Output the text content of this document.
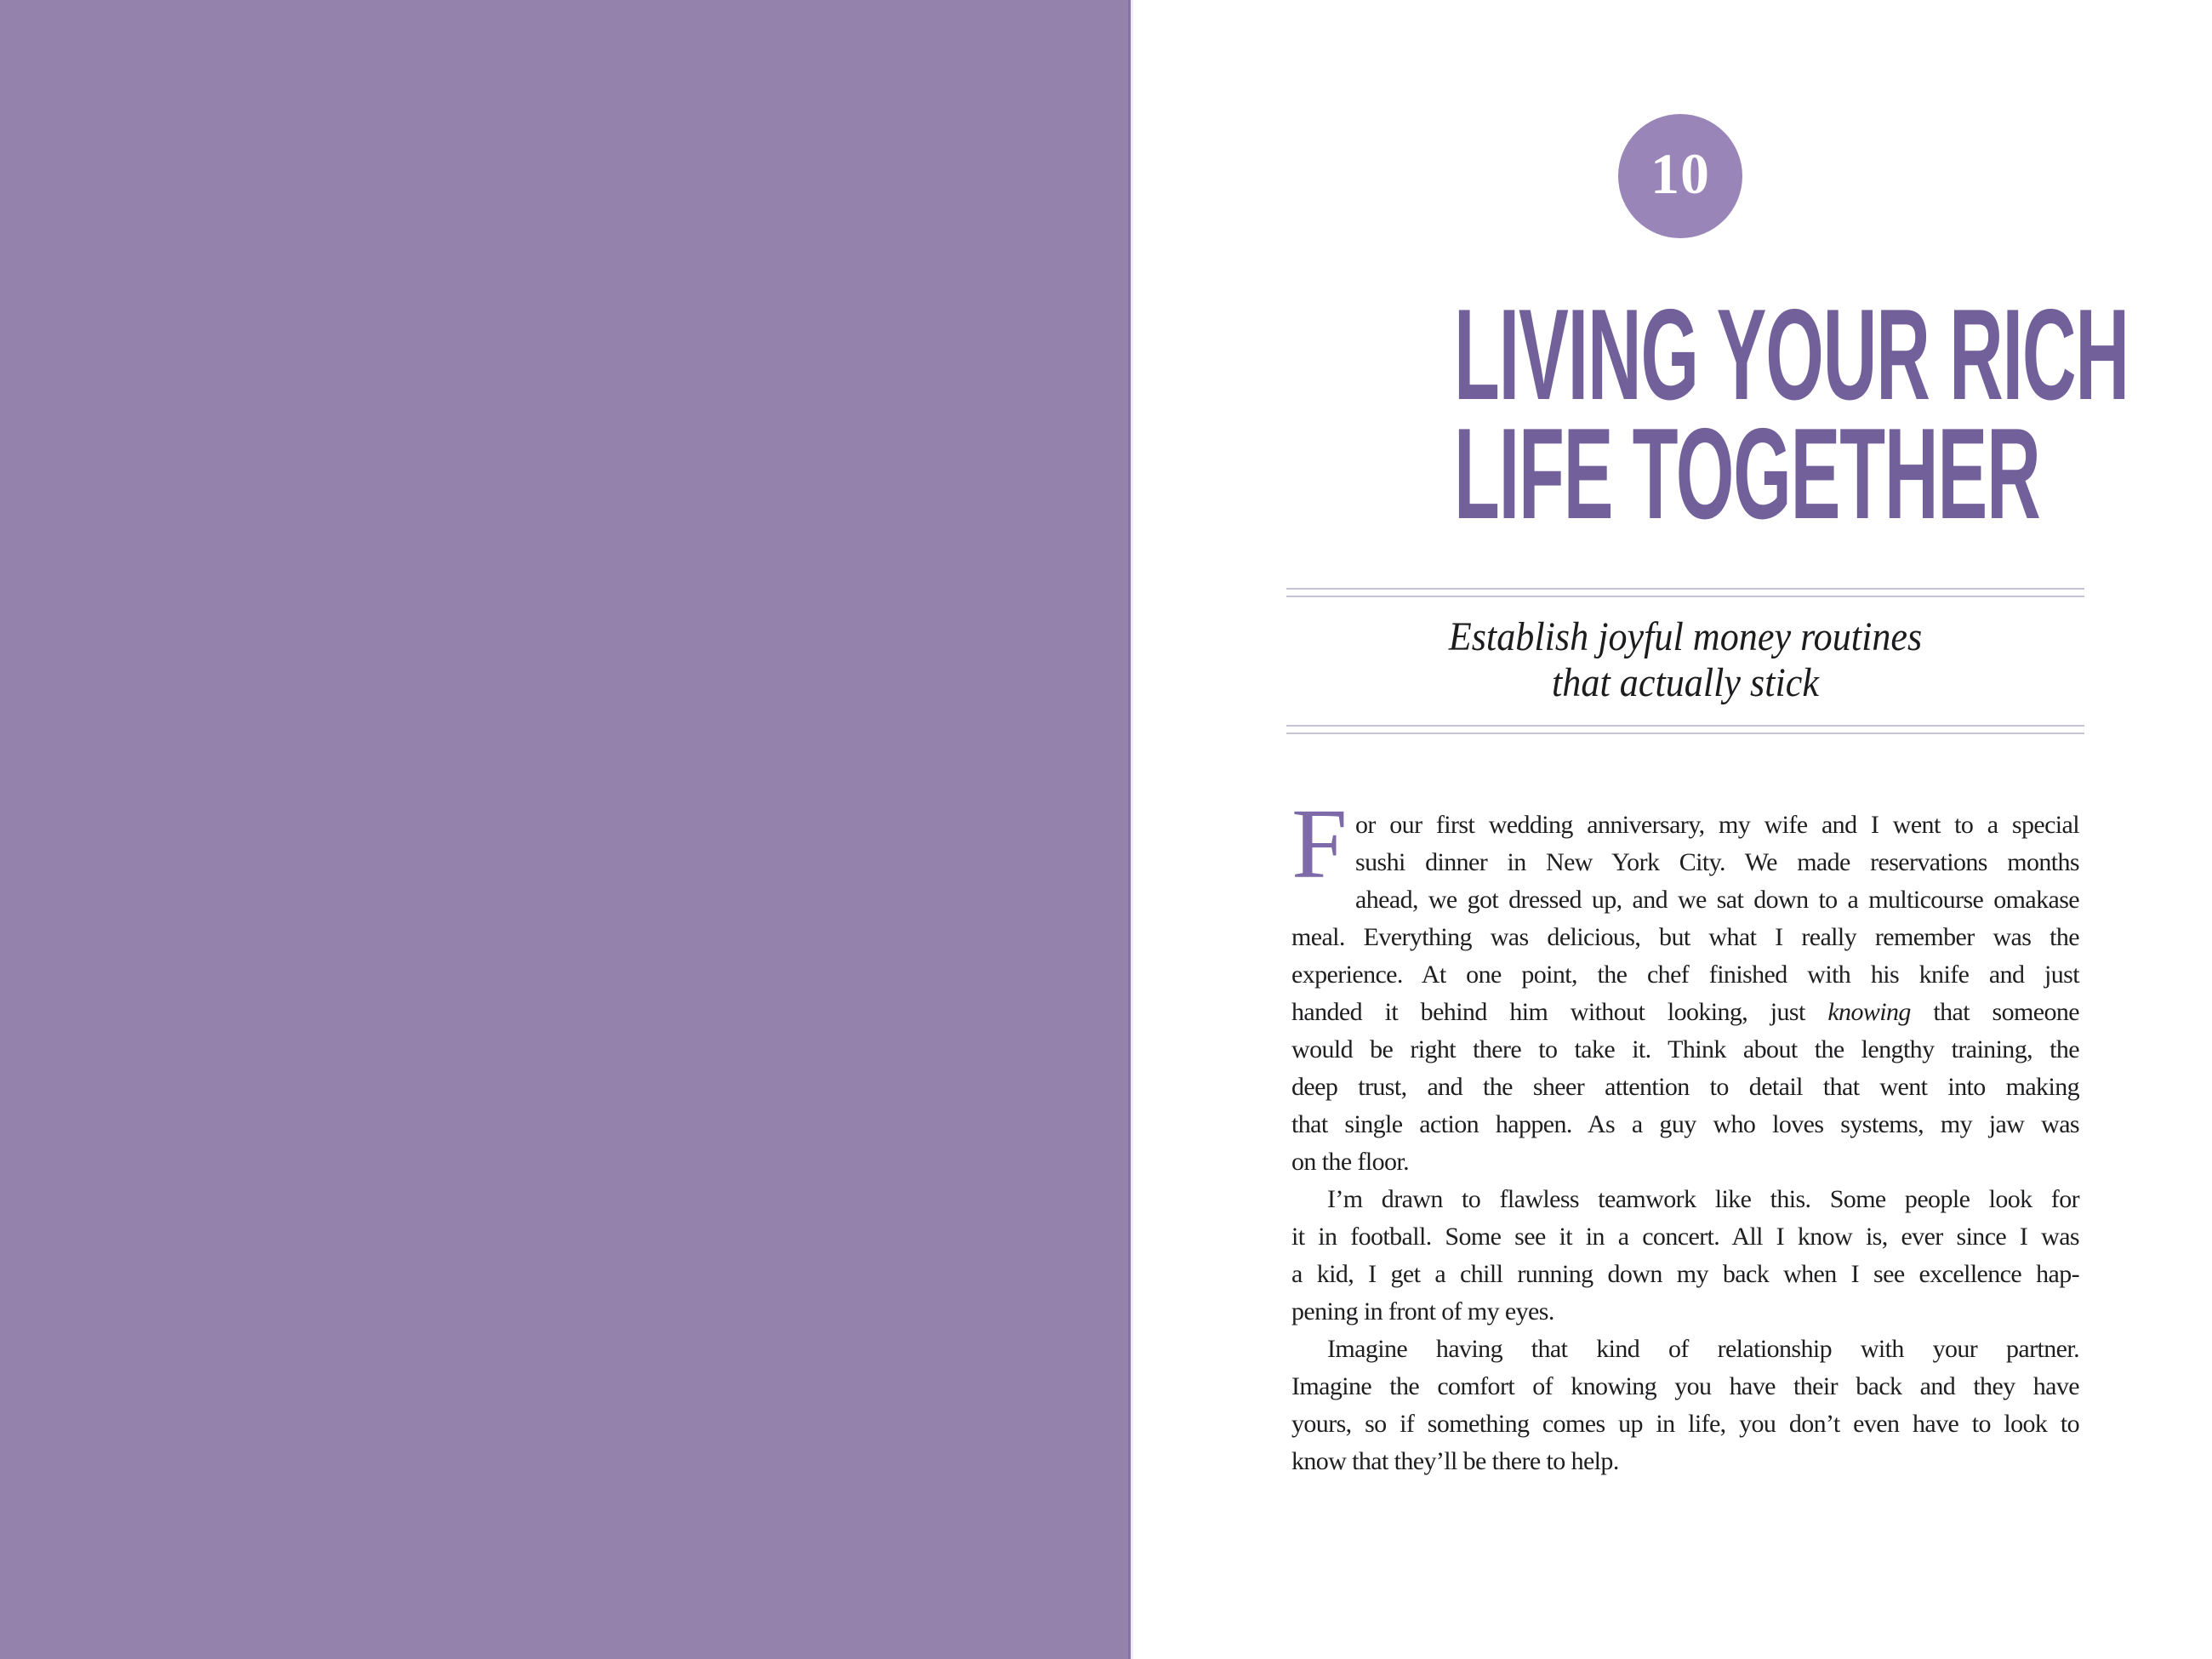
10
LIVING YOUR RICH
LIFE TOGETHER
Establish joyful money routines
that actually stick
F or our first wedding anniversary, my wife and I went to a special
sushi dinner in New York City. We made reservations months
ahead, we got dressed up, and we sat down to a multicourse omakase
meal. Everything was delicious, but what I really remember was the
experience. At one point, the chef finished with his knife and just
handed it behind him without looking, just knowing that someone
would be right there to take it. Think about the lengthy training, the
deep trust, and the sheer attention to detail that went into making
that single action happen. As a guy who loves systems, my jaw was
on the floor.
I’m drawn to flawless teamwork like this. Some people look for
it in football. Some see it in a concert. All I know is, ever since I was
a kid, I get a chill running down my back when I see excellence hap-
pening in front of my eyes.
Imagine having that kind of relationship with your partner.
Imagine the comfort of knowing you have their back and they have
yours, so if something comes up in life, you don’t even have to look to
know that they’ll be there to help.
